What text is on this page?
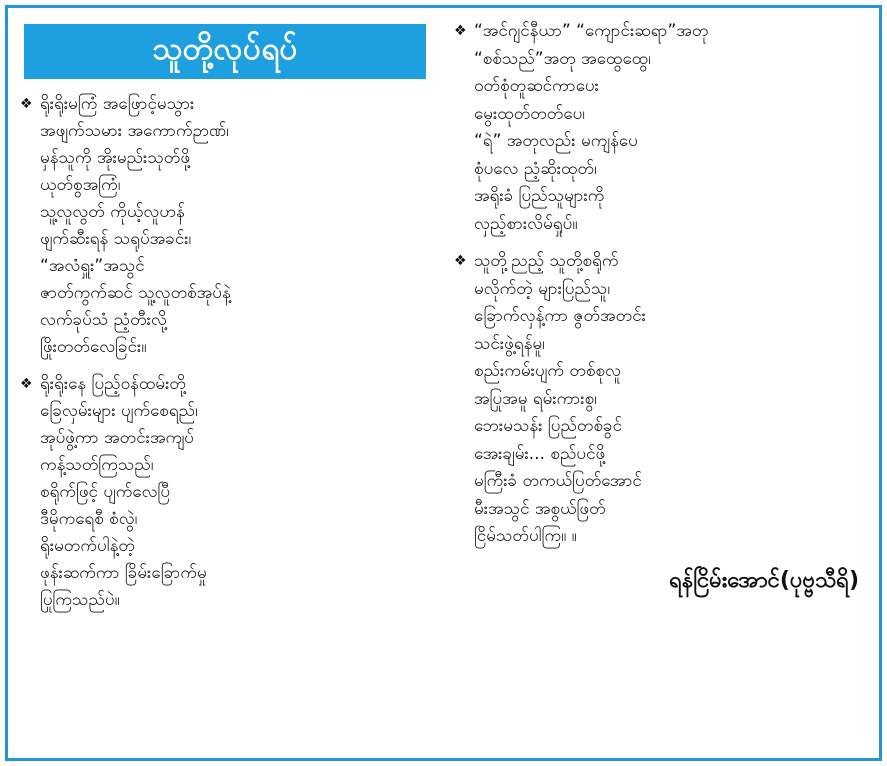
သူတို့လုပ်ရပ်
❖ ရိုးရိုးမကြံ အဖြောင့်မသွား
အဖျက်သမား အကောက်ဉာဏ်၊
မှန်သူကို အိုးမည်းသုတ်ဖို့
ယုတ်စွအကြံ၊
သူ့လူလွတ် ကိုယ့်လူဟန်
ဖျက်ဆီးရန် သရုပ်အခင်း၊
“အလံရှူး”အသွင်
ဇာတ်ကွက်ဆင် သူ့လူတစ်အုပ်နဲ့
လက်ခုပ်သံ ညံ့တီးလို့
ဖြိုးတတ်လေခြင်း။
❖ ရိုးရိုးနေ ပြည့်ဝန်ထမ်းတို့
ခြေလှမ်းများ ပျက်စေရည်၊
အုပ်ဖွဲ့ကာ အတင်းအကျပ်
ကန့်သတ်ကြသည်၊
စရိုက်ဖြင့် ပျက်လေပြီ
ဒီမိုကရေစီ စံလွဲ၊
ရိုးမတက်ပါနဲ့တဲ့
ဖုန်းဆက်ကာ ခြိမ်းခြောက်မှု
ပြုကြသည်ပဲ။
❖ “အင်ဂျင်နီယာ” “ကျောင်းဆရာ”အတု
“စစ်သည်”အတု အထွေထွေ၊
ဝတ်စုံတူဆင်ကာပေး
မွေးထုတ်တတ်ပေ၊
“ရဲ” အတုလည်း မကျန်ပေ
စုံပလေ ညံ့ဆိုးထုတ်၊
အရိုးခံ ပြည်သူများကို
လှည့်စားလိမ်ရှုပ်။
❖ သူတို့ညည့် သူတို့စရိုက်
မလိုက်တဲ့ များပြည်သူ၊
ခြောက်လှန့်ကာ ဇွတ်အတင်း
သင်းဖွဲ့ရန်မူ၊
စည်းကမ်းပျက် တစ်စုလူ
အပြုအမူ ရမ်းကားစွ၊
ဘေးမသန်း ပြည်တစ်ခွင်
အေးချမ်း... စည်ပင်ဖို့
မကြီးခံ တကယ်ပြတ်အောင်
မီးအသွင် အစွယ်ဖြတ်
ငြိမ်သတ်ပါကြ။ ။
ရန်ငြိမ်းအောင်(ပုဗ္ဗသီရိ)
